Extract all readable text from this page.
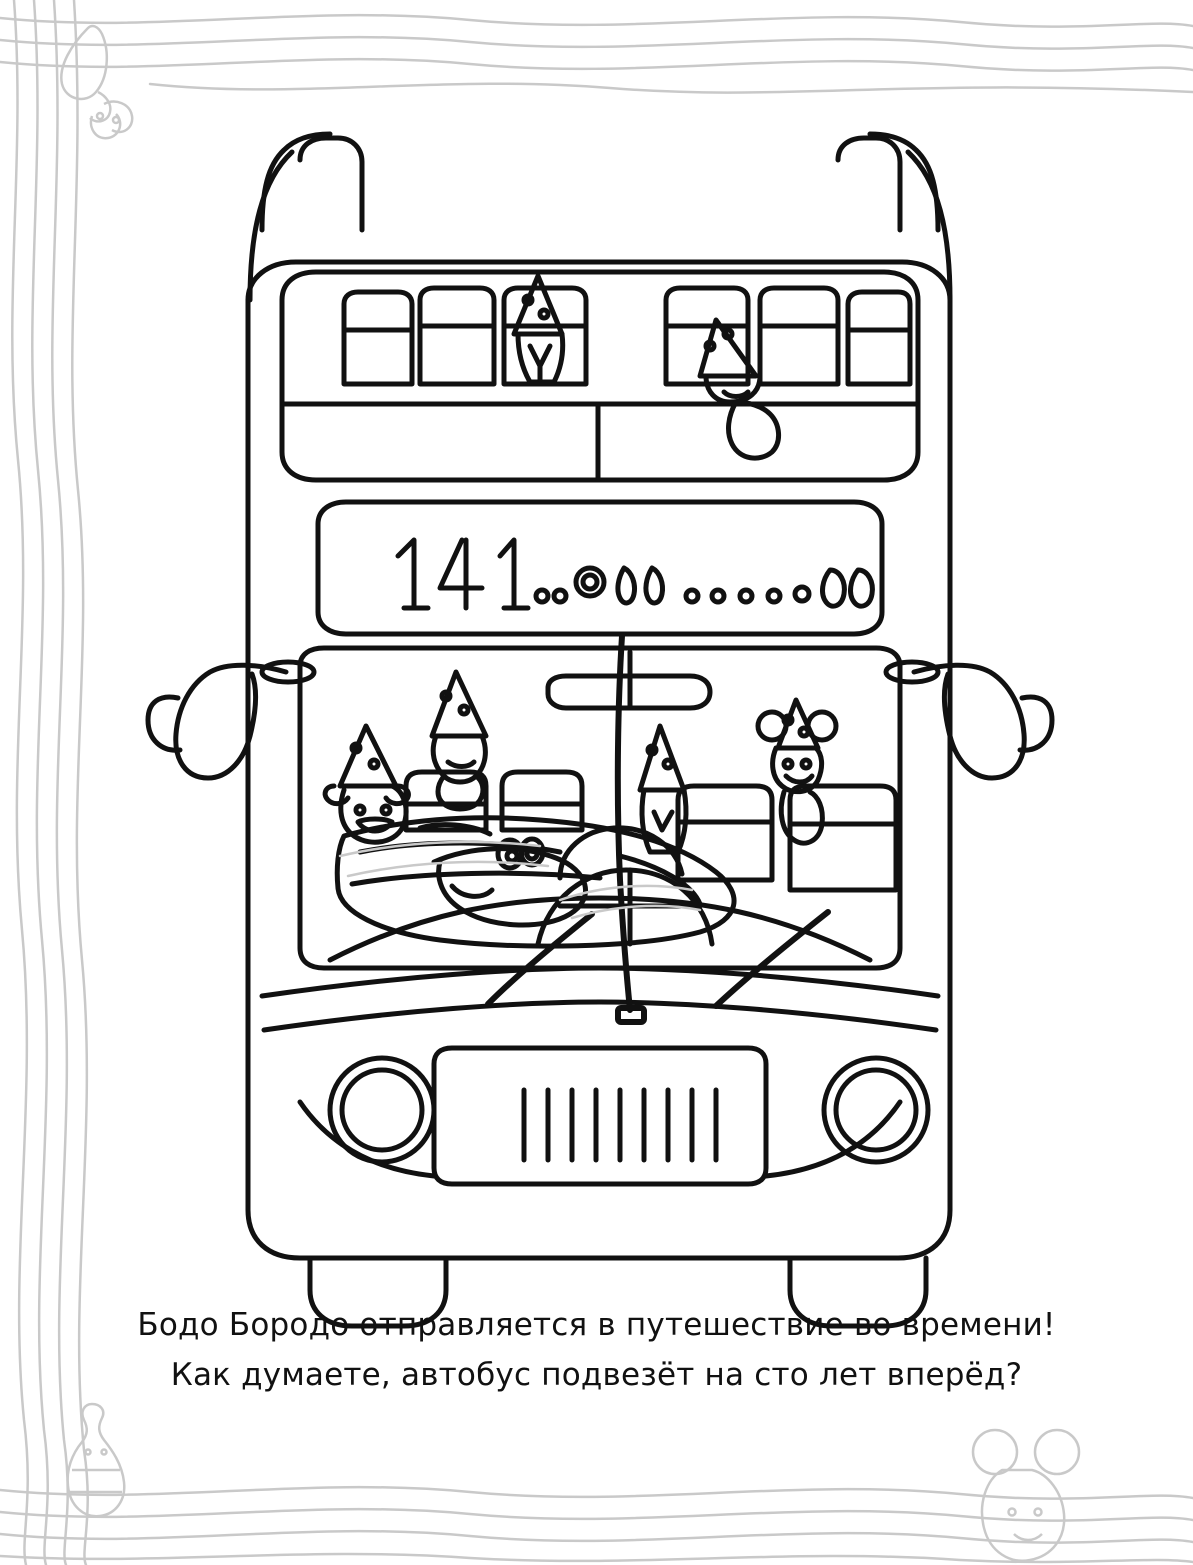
Бодо Бородо отправляется в путешествие во времени!
Как думаете, автобус подвезёт на сто лет вперёд?
